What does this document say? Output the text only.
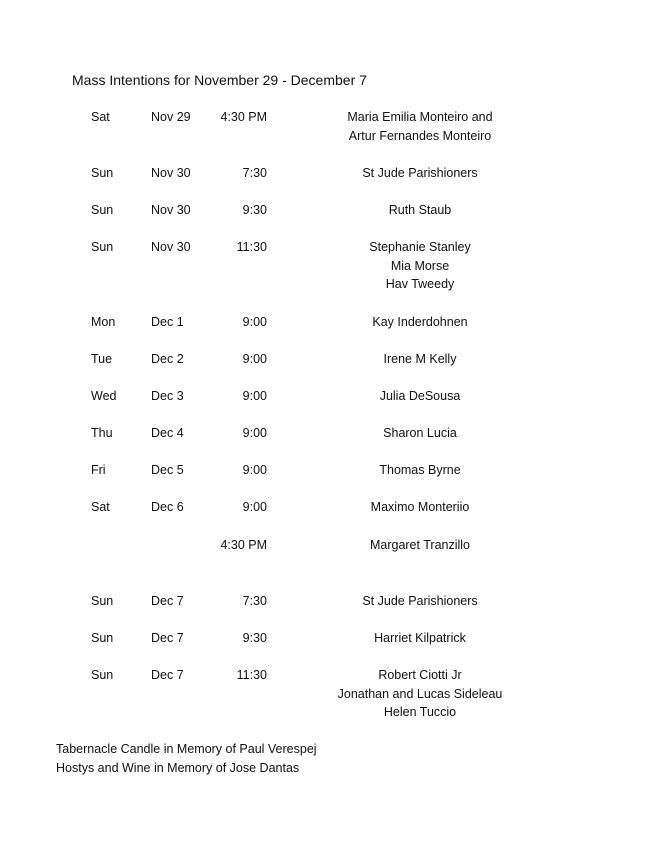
Mass Intentions for November 29 - December 7
Sat	Nov 29	4:30 PM	Maria Emilia Monteiro and
Artur Fernandes Monteiro
Sun	Nov 30	7:30	St Jude Parishioners
Sun	Nov 30	9:30	Ruth Staub
Sun	Nov 30	11:30	Stephanie Stanley
Mia Morse
Hav Tweedy
Mon	Dec 1	9:00	Kay Inderdohnen
Tue	Dec 2	9:00	Irene M Kelly
Wed	Dec 3	9:00	Julia DeSousa
Thu	Dec 4	9:00	Sharon Lucia
Fri	Dec 5	9:00	Thomas Byrne
Sat	Dec 6	9:00	Maximo Monteriio
4:30 PM	Margaret Tranzillo
Sun	Dec 7	7:30	St Jude Parishioners
Sun	Dec 7	9:30	Harriet Kilpatrick
Sun	Dec 7	11:30	Robert Ciotti Jr
Jonathan and Lucas Sideleau
Helen Tuccio
Tabernacle Candle in Memory of Paul Verespej
Hostys and Wine in Memory of Jose Dantas
